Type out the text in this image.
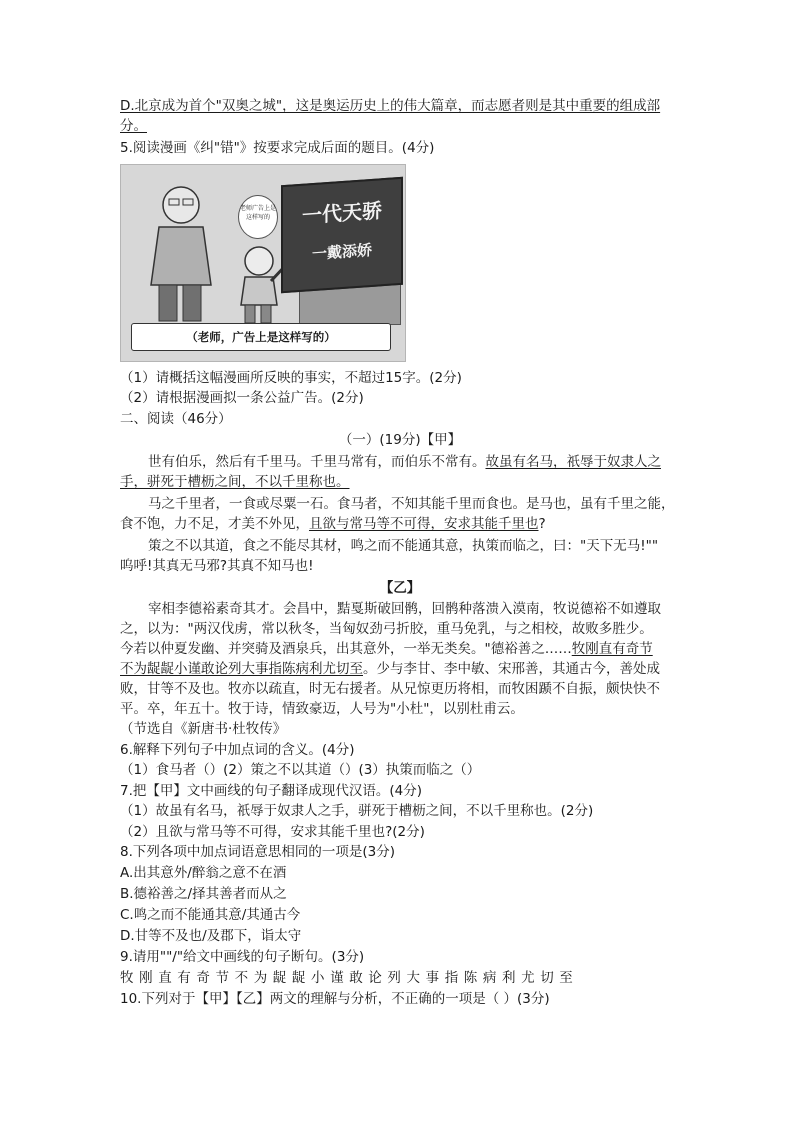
D.北京成为首个"双奥之城"，这是奥运历史上的伟大篇章，而志愿者则是其中重要的组成部
分。
5.阅读漫画《纠"错"》按要求完成后面的题目。(4分)
一代天骄
一戴添娇
老师广告上是这样写的
（老师，广告上是这样写的）
（1）请概括这幅漫画所反映的事实，不超过15字。(2分)
（2）请根据漫画拟一条公益广告。(2分)
二、阅读（46分）
（一）(19分)【甲】
世有伯乐，然后有千里马。千里马常有，而伯乐不常有。故虽有名马，祇辱于奴隶人之
手，骈死于槽枥之间，不以千里称也。
马之千里者，一食或尽粟一石。食马者，不知其能千里而食也。是马也，虽有千里之能，
食不饱，力不足，才美不外见，且欲与常马等不可得，安求其能千里也?
策之不以其道，食之不能尽其材，鸣之而不能通其意，执策而临之，曰："天下无马!""
呜呼!其真无马邪?其真不知马也!
【乙】
宰相李德裕素奇其才。会昌中，黠戛斯破回鹘，回鹘种落溃入漠南，牧说德裕不如遵取
之，以为："两汉伐虏，常以秋冬，当匈奴劲弓折胶，重马免乳，与之相校，故败多胜少。
今若以仲夏发幽、并突骑及酒泉兵，出其意外，一举无类矣。"德裕善之……牧刚直有奇节
不为龊龊小谨敢论列大事指陈病利尤切至。少与李甘、李中敏、宋邢善，其通古今，善处成
败，甘等不及也。牧亦以疏直，时无右援者。从兄惊更历将相，而牧困踬不自振，颇快快不
平。卒，年五十。牧于诗，情致豪迈，人号为"小杜"，以别杜甫云。
（节选自《新唐书·杜牧传》
6.解释下列句子中加点词的含义。(4分)
（1）食马者（）(2）策之不以其道（）(3）执策而临之（）
7.把【甲】文中画线的句子翻译成现代汉语。(4分)
（1）故虽有名马，祇辱于奴隶人之手，骈死于槽枥之间，不以千里称也。(2分)
（2）且欲与常马等不可得，安求其能千里也?(2分)
8.下列各项中加点词语意思相同的一项是(3分)
A.出其意外/醉翁之意不在酒
B.德裕善之/择其善者而从之
C.鸣之而不能通其意/其通古今
D.甘等不及也/及郡下，诣太守
9.请用""/"给文中画线的句子断句。(3分)
牧刚直有奇节不为龊龊小谨敢论列大事指陈病利尤切至
10.下列对于【甲】【乙】两文的理解与分析，不正确的一项是（ ）(3分)
